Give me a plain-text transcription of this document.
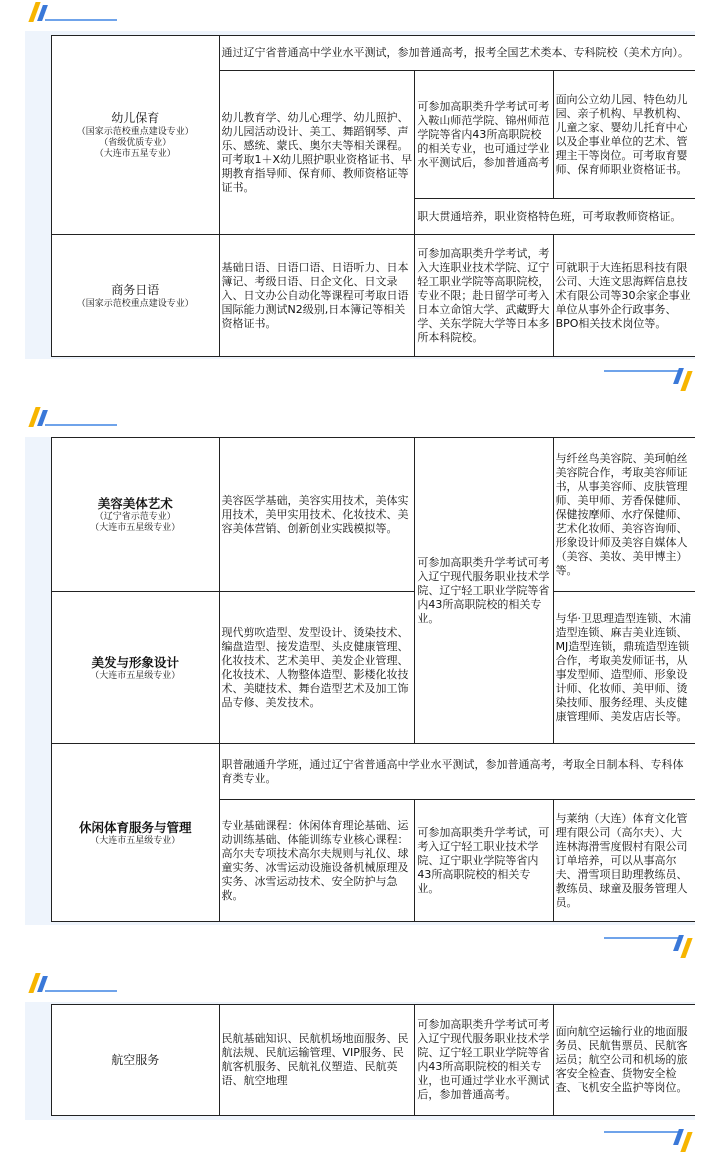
幼儿保育
（国家示范校重点建设专业）
（省级优质专业）
（大连市五星专业）	通过辽宁省普通高中学业水平测试，参加普通高考，报考全国艺术类本、专科院校（美术方向）。		
	幼儿教育学、幼儿心理学、幼儿照护、幼儿园活动设计、美工、舞蹈钢琴、声乐、感统、蒙氏、奥尔夫等相关课程。可考取1＋X幼儿照护职业资格证书、早期教育指导师、保育师、教师资格证等证书。	可参加高职类升学考试可考入鞍山师范学院、锦州师范学院等省内43所高职院校的相关专业，也可通过学业水平测试后，参加普通高考	面向公立幼儿园、特色幼儿园、亲子机构、早教机构、儿童之家、婴幼儿托育中心以及企事业单位的艺术、管理主干等岗位。可考取育婴师、保育师职业资格证书。
		职大贯通培养，职业资格特色班，可考取教师资格证。	

商务日语
（国家示范校重点建设专业）	基础日语、日语口语、日语听力、日本簿记、考级日语、日企文化、日文录入、日文办公自动化等课程可考取日语国际能力测试N2级别,日本簿记等相关资格证书。	可参加高职类升学考试，考入大连职业技术学院、辽宁轻工职业学院等高职院校，专业不限；赴日留学可考入日本立命馆大学、武藏野大学、关东学院大学等日本多所本科院校。	可就职于大连拓思科技有限公司、大连文思海辉信息技术有限公司等30余家企事业单位从事外企行政事务、BPO相关技术岗位等。
美容美体艺术
（辽宁省示范专业）
（大连市五星级专业）	美容医学基础，美容实用技术，美体实用技术，美甲实用技术、化妆技术、美容美体营销、创新创业实践模拟等。	可参加高职类升学考试可考入辽宁现代服务职业技术学院、辽宁轻工职业学院等省内43所高职院校的相关专业。	与纤丝鸟美容院、美珂帕丝美容院合作，考取美容师证书，从事美容师、皮肤管理师、美甲师、芳香保健师、保健按摩师、水疗保健师、艺术化妆师、美容咨询师、形象设计师及美容自媒体人（美容、美妆、美甲博主）等。

美发与形象设计
（大连市五星级专业）	现代剪吹造型、发型设计、烫染技术、编盘造型、接发造型、头皮健康管理、化妆技术、艺术美甲、美发企业管理、化妆技术、人物整体造型、影楼化妆技术、美睫技术、舞台造型艺术及加工饰品专修、美发技术。		与华·卫思理造型连锁、木浦造型连锁、麻吉美业连锁、MJ造型连锁，鼎琉造型连锁合作，考取美发师证书，从事发型师、造型师、形象设计师、化妆师、美甲师、烫染技师、服务经理、头皮健康管理师、美发店店长等。

休闲体育服务与管理
（大连市五星级专业）	职普融通升学班，通过辽宁省普通高中学业水平测试，参加普通高考，考取全日制本科、专科体育类专业。		
	专业基础课程：休闲体育理论基础、运动训练基础、体能训练专业核心课程：高尔夫专项技术高尔夫规则与礼仪、球童实务、冰雪运动设施设备机械原理及实务、冰雪运动技术、安全防护与急救。	可参加高职类升学考试，可考入辽宁轻工职业技术学院、辽宁职业学院等省内43所高职院校的相关专业。	与莱纳（大连）体育文化管理有限公司（高尔夫）、大连林海滑雪度假村有限公司订单培养，可以从事高尔夫、滑雪项目助理教练员、教练员、球童及服务管理人员。
航空服务
	民航基础知识、民航机场地面服务、民航法规、民航运输管理、VIP服务、民航客机服务、民航礼仪塑造、民航英语、航空地理	可参加高职类升学考试可考入辽宁现代服务职业技术学院、辽宁轻工职业学院等省内43所高职院校的相关专业，也可通过学业水平测试后，参加普通高考。	面向航空运输行业的地面服务员、民航售票员、民航客运员；航空公司和机场的旅客安全检查、货物安全检查、飞机安全监护等岗位。
